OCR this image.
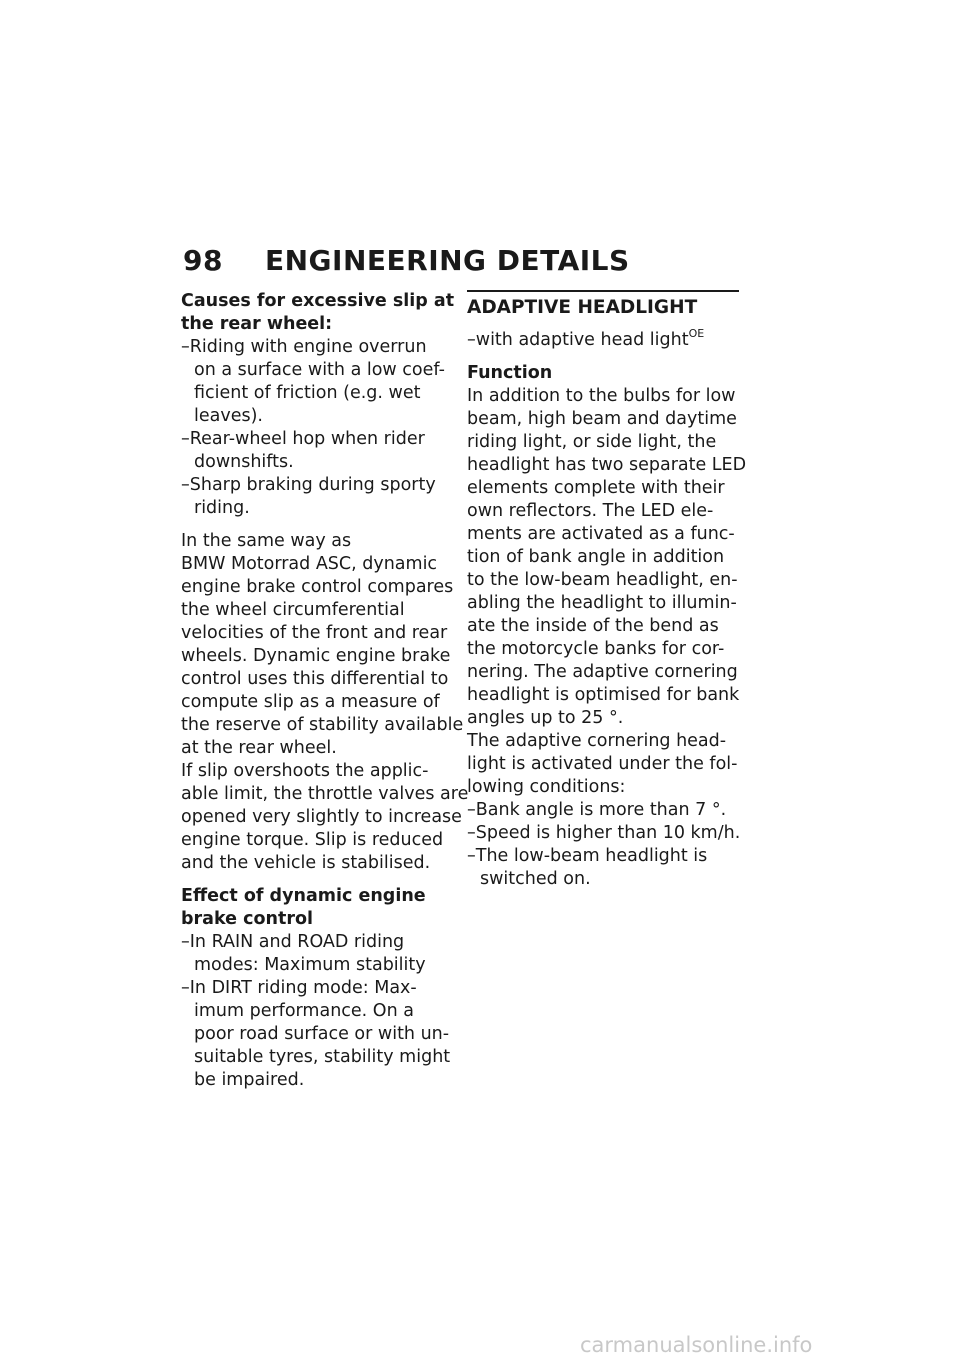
98 ENGINEERING DETAILS
Causes for excessive slip at
the rear wheel:
–Riding with engine overrun
on a surface with a low coef-
ficient of friction (e.g. wet
leaves).
–Rear-wheel hop when rider
downshifts.
–Sharp braking during sporty
riding.
In the same way as
BMW Motorrad ASC, dynamic
engine brake control compares
the wheel circumferential
velocities of the front and rear
wheels. Dynamic engine brake
control uses this differential to
compute slip as a measure of
the reserve of stability available
at the rear wheel.
If slip overshoots the applic-
able limit, the throttle valves are
opened very slightly to increase
engine torque. Slip is reduced
and the vehicle is stabilised.
Effect of dynamic engine
brake control
–In RAIN and ROAD riding
modes: Maximum stability
–In DIRT riding mode: Max-
imum performance. On a
poor road surface or with un-
suitable tyres, stability might
be impaired.
ADAPTIVE HEADLIGHT
–with adaptive head light$^{OE}$
Function
In addition to the bulbs for low
beam, high beam and daytime
riding light, or side light, the
headlight has two separate LED
elements complete with their
own reflectors. The LED ele-
ments are activated as a func-
tion of bank angle in addition
to the low-beam headlight, en-
abling the headlight to illumin-
ate the inside of the bend as
the motorcycle banks for cor-
nering. The adaptive cornering
headlight is optimised for bank
angles up to 25 °.
The adaptive cornering head-
light is activated under the fol-
lowing conditions:
–Bank angle is more than 7 °.
–Speed is higher than 10 km/h.
–The low-beam headlight is
switched on.
carmanualsonline.info
